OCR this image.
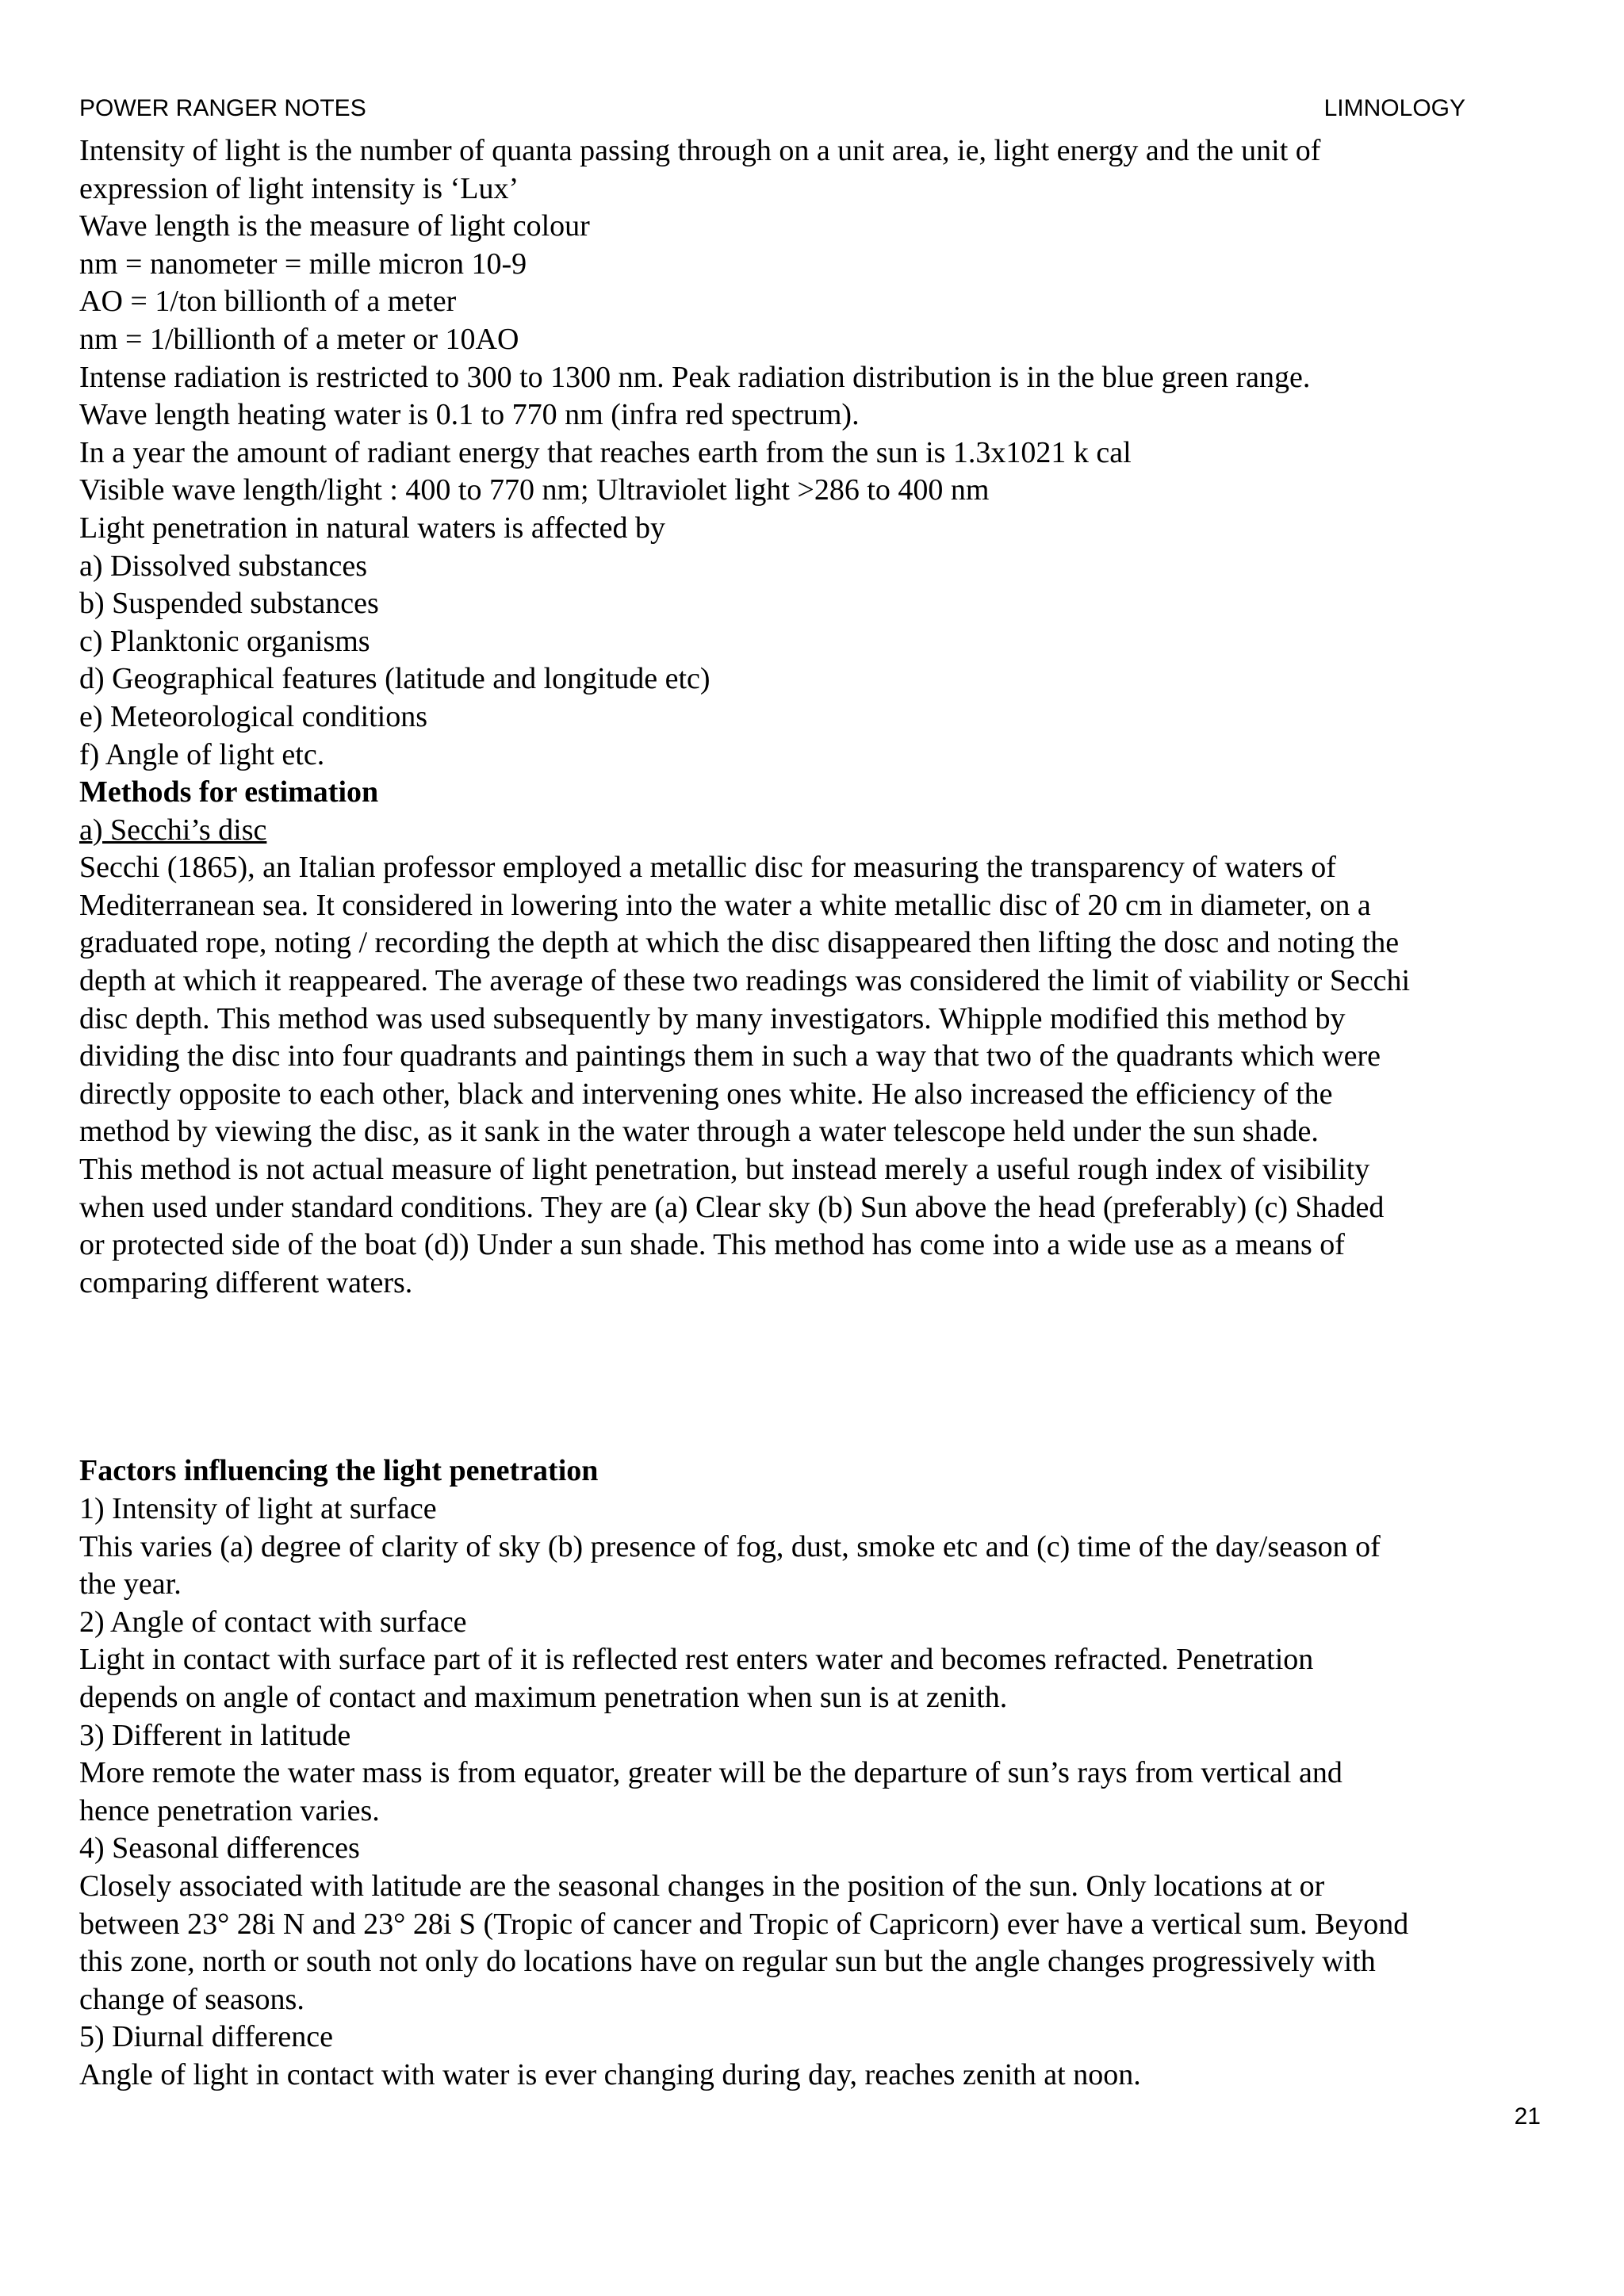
POWER RANGER NOTES	LIMNOLOGY
Intensity of light is the number of quanta passing through on a unit area, ie, light energy and the unit of
expression of light intensity is ‘Lux’
Wave length is the measure of light colour
nm = nanometer = mille micron 10-9
AO = 1/ton billionth of a meter
nm = 1/billionth of a meter or 10AO
Intense radiation is restricted to 300 to 1300 nm. Peak radiation distribution is in the blue green range.
Wave length heating water is 0.1 to 770 nm (infra red spectrum).
In a year the amount of radiant energy that reaches earth from the sun is 1.3x1021 k cal
Visible wave length/light : 400 to 770 nm; Ultraviolet light >286 to 400 nm
Light penetration in natural waters is affected by
a) Dissolved substances
b) Suspended substances
c) Planktonic organisms
d) Geographical features (latitude and longitude etc)
e) Meteorological conditions
f) Angle of light etc.
Methods for estimation
a) Secchi’s disc
Secchi (1865), an Italian professor employed a metallic disc for measuring the transparency of waters of
Mediterranean sea. It considered in lowering into the water a white metallic disc of 20 cm in diameter, on a
graduated rope, noting / recording the depth at which the disc disappeared then lifting the dosc and noting the
depth at which it reappeared. The average of these two readings was considered the limit of viability or Secchi
disc depth. This method was used subsequently by many investigators. Whipple modified this method by
dividing the disc into four quadrants and paintings them in such a way that two of the quadrants which were
directly opposite to each other, black and intervening ones white. He also increased the efficiency of the
method by viewing the disc, as it sank in the water through a water telescope held under the sun shade.
This method is not actual measure of light penetration, but instead merely a useful rough index of visibility
when used under standard conditions. They are (a) Clear sky (b) Sun above the head (preferably) (c) Shaded
or protected side of the boat (d)) Under a sun shade. This method has come into a wide use as a means of
comparing different waters.
Factors influencing the light penetration
1) Intensity of light at surface
This varies (a) degree of clarity of sky (b) presence of fog, dust, smoke etc and (c) time of the day/season of
the year.
2) Angle of contact with surface
Light in contact with surface part of it is reflected rest enters water and becomes refracted. Penetration
depends on angle of contact and maximum penetration when sun is at zenith.
3) Different in latitude
More remote the water mass is from equator, greater will be the departure of sun’s rays from vertical and
hence penetration varies.
4) Seasonal differences
Closely associated with latitude are the seasonal changes in the position of the sun. Only locations at or
between 23° 28i N and 23° 28i S (Tropic of cancer and Tropic of Capricorn) ever have a vertical sum. Beyond
this zone, north or south not only do locations have on regular sun but the angle changes progressively with
change of seasons.
5) Diurnal difference
Angle of light in contact with water is ever changing during day, reaches zenith at noon.
21
